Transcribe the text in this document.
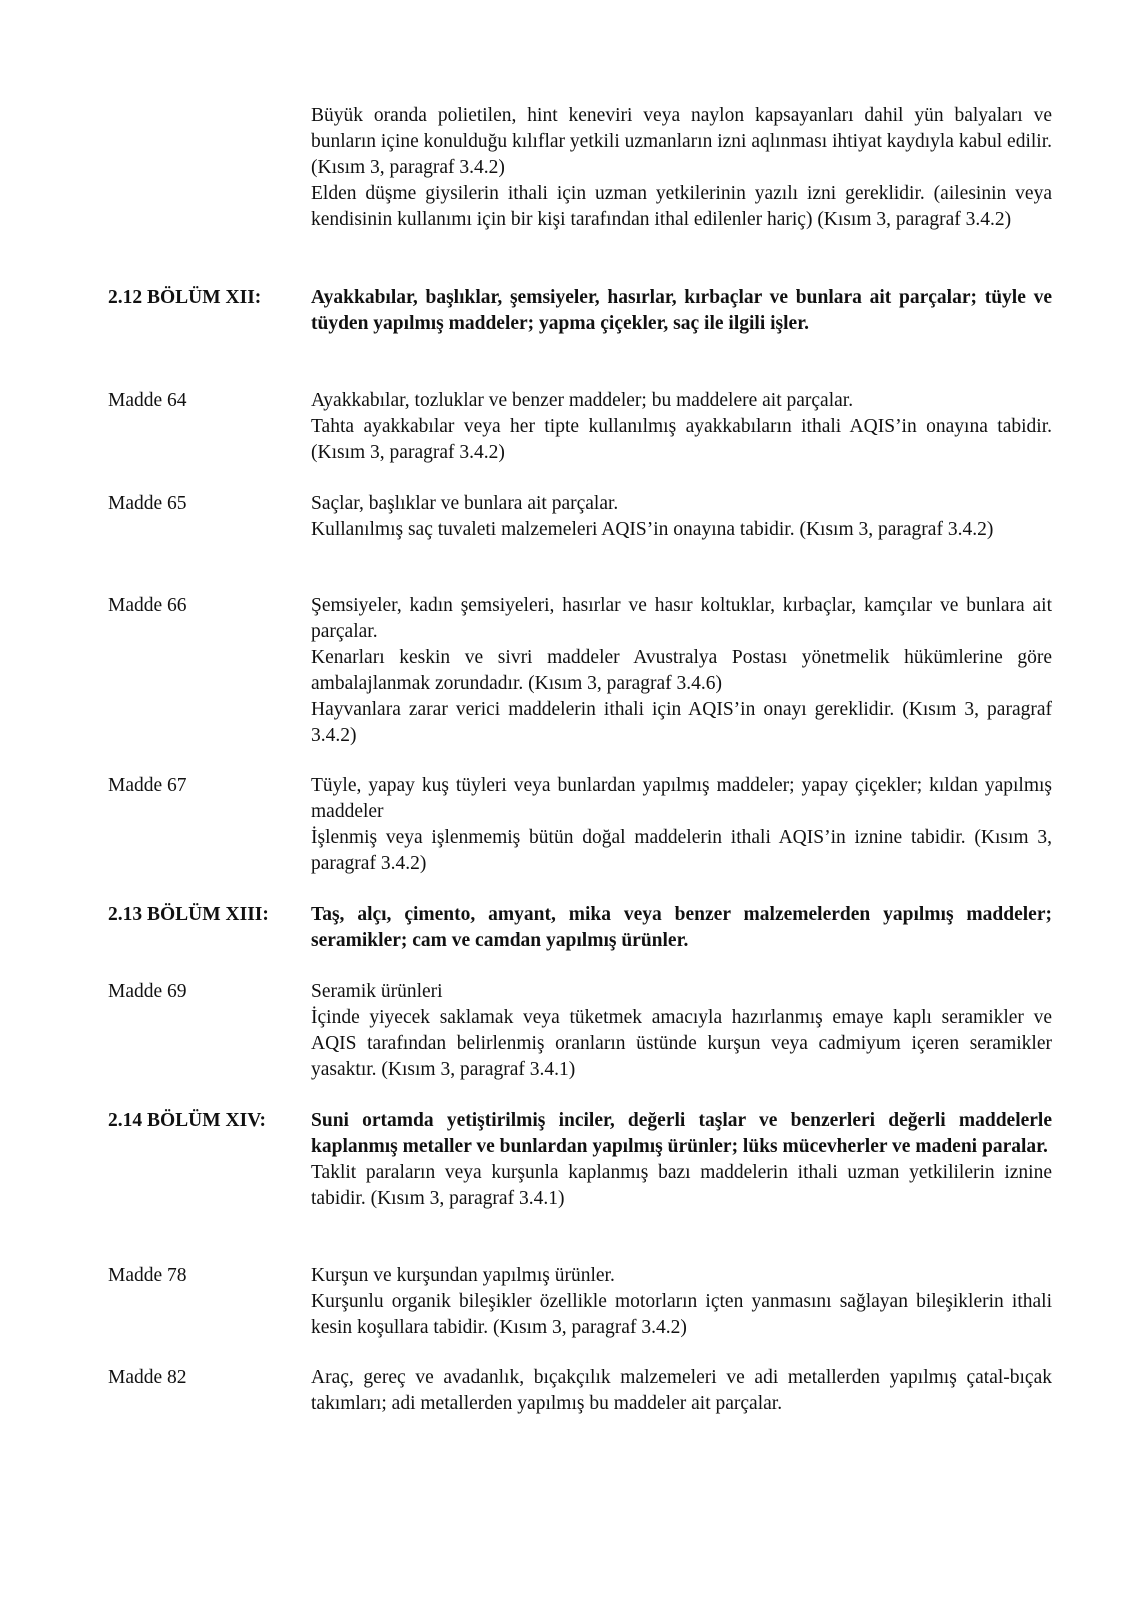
Büyük oranda polietilen, hint keneviri veya naylon kapsayanları dahil yün balyaları ve bunların içine konulduğu kılıflar yetkili uzmanların izni aqlınması ihtiyat kaydıyla kabul edilir. (Kısım 3, paragraf 3.4.2)

Elden düşme giysilerin ithali için uzman yetkilerinin yazılı izni gereklidir. (ailesinin veya kendisinin kullanımı için bir kişi tarafından ithal edilenler hariç) (Kısım 3, paragraf 3.4.2)

2.12 BÖLÜM XII:	Ayakkabılar, başlıklar, şemsiyeler, hasırlar, kırbaçlar ve bunlara ait parçalar; tüyle ve tüyden yapılmış maddeler; yapma çiçekler, saç ile ilgili işler.

Madde 64	Ayakkabılar, tozluklar ve benzer maddeler; bu maddelere ait parçalar.

Tahta ayakkabılar veya her tipte kullanılmış ayakkabıların ithali AQIS’in onayına tabidir. (Kısım 3, paragraf 3.4.2)

Madde 65	Saçlar, başlıklar ve bunlara ait parçalar.

Kullanılmış saç tuvaleti malzemeleri AQIS’in onayına tabidir. (Kısım 3, paragraf 3.4.2)

Madde 66	Şemsiyeler, kadın şemsiyeleri, hasırlar ve hasır koltuklar, kırbaçlar, kamçılar ve bunlara ait parçalar.

Kenarları keskin ve sivri maddeler Avustralya Postası yönetmelik hükümlerine göre ambalajlanmak zorundadır. (Kısım 3, paragraf 3.4.6)

Hayvanlara zarar verici maddelerin ithali için AQIS’in onayı gereklidir. (Kısım 3, paragraf 3.4.2)

Madde 67	Tüyle, yapay kuş tüyleri veya bunlardan yapılmış maddeler; yapay çiçekler; kıldan yapılmış maddeler

İşlenmiş veya işlenmemiş bütün doğal maddelerin ithali AQIS’in iznine tabidir. (Kısım 3, paragraf 3.4.2)

2.13 BÖLÜM XIII: Taş, alçı, çimento, amyant, mika veya benzer malzemelerden yapılmış maddeler; seramikler; cam ve camdan yapılmış ürünler.

Madde 69	Seramik ürünleri

İçinde yiyecek saklamak veya tüketmek amacıyla hazırlanmış emaye kaplı seramikler ve AQIS tarafından belirlenmiş oranların üstünde kurşun veya cadmiyum içeren seramikler yasaktır. (Kısım 3, paragraf 3.4.1)

2.14 BÖLÜM XIV: Suni ortamda yetiştirilmiş inciler, değerli taşlar ve benzerleri değerli maddelerle kaplanmış metaller ve bunlardan yapılmış ürünler; lüks mücevherler ve madeni paralar.

Taklit paraların veya kurşunla kaplanmış bazı maddelerin ithali uzman yetkililerin iznine tabidir. (Kısım 3, paragraf 3.4.1)

Madde 78	Kurşun ve kurşundan yapılmış ürünler.

Kurşunlu organik bileşikler özellikle motorların içten yanmasını sağlayan bileşiklerin ithali kesin koşullara tabidir. (Kısım 3, paragraf 3.4.2)

Madde 82	Araç, gereç ve avadanlık, bıçakçılık malzemeleri ve adi metallerden yapılmış çatal-bıçak takımları; adi metallerden yapılmış bu maddeler ait parçalar.
